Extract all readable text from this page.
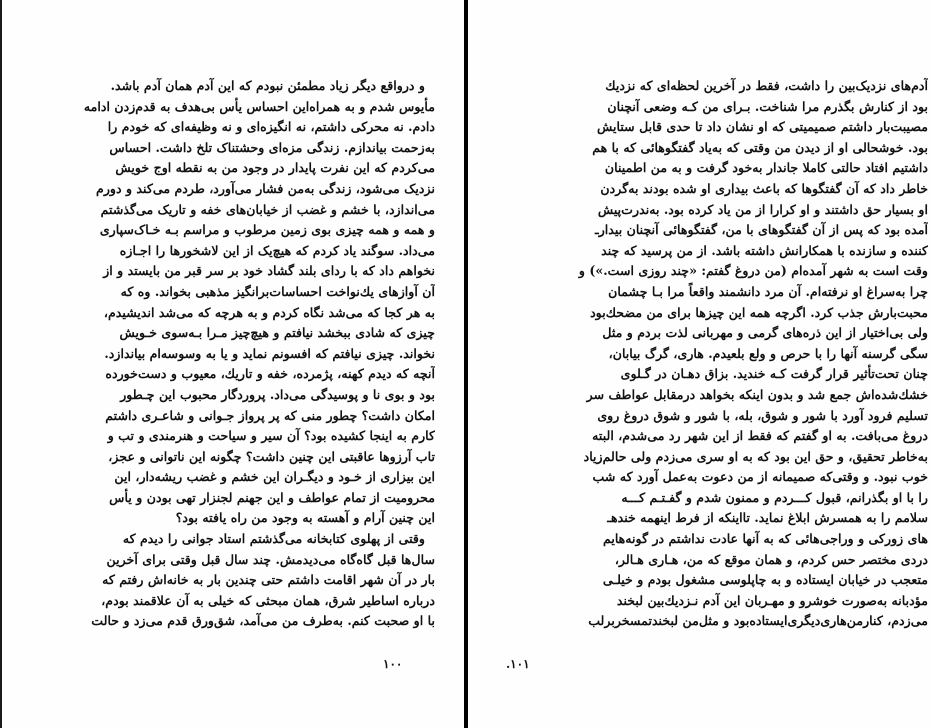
و درواقع دیگر زیاد مطمئن نبودم که این آدم همان آدم باشد.
مأیوس شدم و به همراه‌این احساس یأس بی‌هدف به قدم‌زدن ادامه
دادم. نه محرکی داشتم، نه انگیزه‌ای و نه وظیفه‌ای که خودم را
به‌زحمت بیاندازم. زندگی مزه‌ای وحشتناک تلخ داشت. احساس
می‌کردم که این نفرت پایدار در وجود من به نقطه اوج خویش
نزدیک می‌شود، زندگی به‌من فشار می‌آورد، طردم می‌کند و دورم
می‌اندازد، با خشم و غضب از خیابان‌های خفه و تاریک می‌گذشتم
و همه و همه چیزی بوی زمین مرطوب و مراسم بـه خـاک‌سپاری
می‌داد. سوگند یاد کردم که هیچ‌یک از این لاشخورها را اجـازه
نخواهم داد که با ردای بلند گشاد خود بر سر قبر من بایستد و از
آن آوازهای یك‌نواخت احساسات‌برانگیز مذهبی بخواند. وه که
به هر کجا که می‌شد نگاه کردم و به هرچه که می‌شد اندیشیدم،
چیزی که شادی ببخشد نیافتم و هیچ‌چیز مـرا بـه‌سوی خـویش
نخواند. چیزی نیافتم که افسونم نماید و یا به وسوسه‌ام بیاندازد.
آنچه که دیدم کهنه، پژمرده، خفه و تاریك، معیوب و دست‌خورده
بود و بوی نا و پوسیدگی می‌داد. پروردگار محبوب این چـطور
امکان داشت؟ چطور منی که پر پرواز جـوانی و شاعـری داشتم
کارم به اینجا کشیده بود؟ آن سیر و سیاحت و هنرمندی و تب و
تاب آرزوها عاقبتی این چنین داشت؟ چگونه این ناتوانی و عجز،
این بیزاری از خـود و دیگـران این خشم و غضب ریشه‌دار، این
محرومیت از تمام عواطف و این جهنم لجنزار تهی بودن و یأس
این چنین آرام و آهسته به وجود من راه یافته بود؟
وقتی از پهلوی کتابخانه می‌گذشتم استاد جوانی را دیدم که
سال‌ها قبل گاه‌گاه می‌دیدمش. چند سال قبل وقتی برای آخرین
بار در آن شهر اقامت داشتم حتی چندین بار به خانه‌اش رفتم که
درباره اساطیر شرق، همان مبحثی که خیلی به آن علاقمند بودم،
با او صحبت کنم. به‌طرف من می‌آمد، شق‌ورق قدم می‌زد و حالت
۱۰۰
آدم‌های نزدیک‌بین را داشت، فقط در آخرین لحظه‌ای که نزدیك
بود از کنارش بگذرم مرا شناخت. بـرای من کـه وضعی آنچنان
مصیبت‌بار داشتم صمیمیتی که او نشان داد تا حدی قابل ستایش
بود. خوشحالی او از دیدن من وقتی که به‌یاد گفتگوهائی که با هم
داشتیم افتاد حالتی کاملا جاندار به‌خود گرفت و به من اطمینان
خاطر داد که آن گفتگوها که باعث بیداری او شده بودند به‌گردن
او بسیار حق داشتند و او کرارا از من یاد کرده بود. به‌ندرت‌پیش
آمده بود که پس از آن گفتگوهای با من، گفتگوهائی آنچنان بیدار‌ـ
کننده و سازنده با همکارانش داشته باشد. از من پرسید که چند
وقت است به شهر آمده‌ام (من دروغ گفتم: «چند روزی است.») و
چرا به‌سراغ او نرفته‌ام. آن مرد دانشمند واقعاً مرا بـا چشمان
محبت‌بارش جذب کرد. اگرچه همه این چیزها برای من مضحك‌بود
ولی بی‌اختیار از این ذره‌های گرمی و مهربانی لذت بردم و مثل
سگی گرسنه آنها را با حرص و ولع بلعیدم. هاری، گرگ بیابان،
چنان تحت‌تأثیر قرار گرفت کـه خندید. بزاق دهـان در گـلوی
خشك‌شده‌اش جمع شد و بدون اینکه بخواهد درمقابل عواطف سر
تسلیم فرود آورد با شور و شوق، بله، با شور و شوق دروغ روی
دروغ می‌بافت. به او گفتم که فقط از این شهر رد می‌شدم، البته
به‌خاطر تحقیق، و حق این بود که به او سری می‌زدم ولی حالم‌زیاد
خوب نبود. و وقتی‌که صمیمانه از من دعوت به‌عمل آورد که شب
را با او بگذرانم، قبول کـــردم و ممنون شدم و گفـتـم کـــه
سلامم را به همسرش ابلاغ نماید. تااینکه از فرط اینهمه خندهـ
های زورکی و وراجی‌هائی که به آنها عادت نداشتم در گونه‌هایم
دردی مختصر حس کردم، و همان موقع که من، هـاری هـالر،
متعجب در خیابان ایستاده و به چاپلوسی مشغول بودم و خیلـی
مؤدبانه به‌صورت خوشرو و مهـربان این آدم نـزدیك‌بین لبخند
می‌زدم، کنارمن‌هاری‌دیگری‌ایستاده‌بود و مثل‌من لبخندتمسخر‌برلب
.۱۰۱
